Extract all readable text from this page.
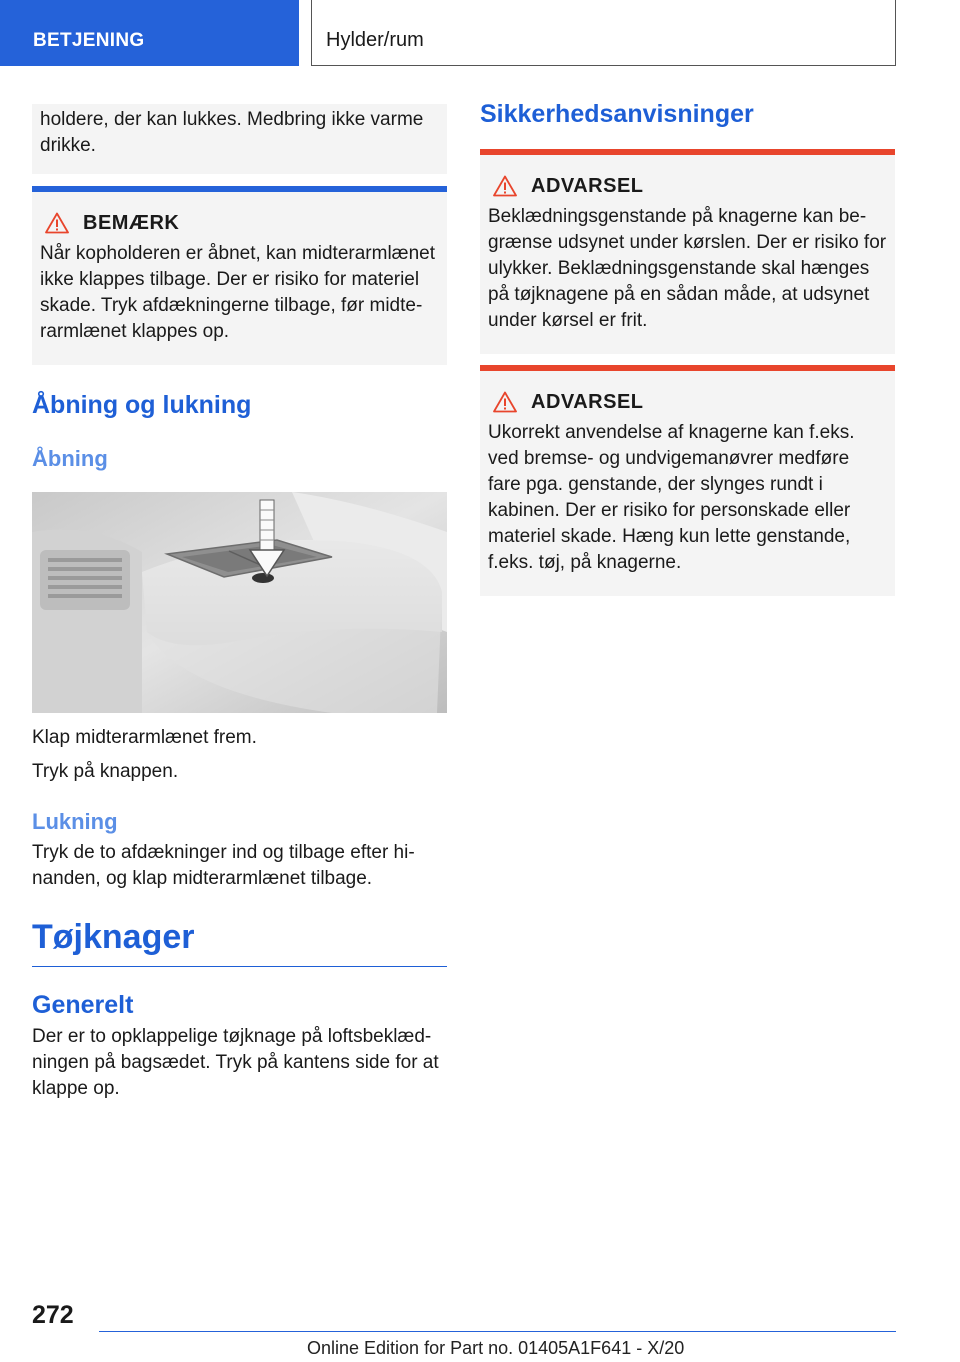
BETJENING	Hylder/rum
holdere, der kan lukkes. Medbring ikke varme drikke.
BEMÆRK
Når kopholderen er åbnet, kan midterarmlænet ikke klappes tilbage. Der er risiko for materiel skade. Tryk afdækningerne tilbage, før midterarmlænet klappes op.
Åbning og lukning
Åbning

Klap midterarmlænet frem.

Tryk på knappen.

Lukning

Tryk de to afdækninger ind og tilbage efter hinanden, og klap midterarmlænet tilbage.

Tøjknager
Generelt

Der er to opklappelige tøjknage på loftsbeklædningen på bagsædet. Tryk på kantens side for at klappe op.

Sikkerhedsanvisninger
ADVARSEL
Beklædningsgenstande på knagerne kan begrænse udsynet under kørslen. Der er risiko for ulykker. Beklædningsgenstande skal hænges på tøjknagene på en sådan måde, at udsynet under kørsel er frit.
ADVARSEL
Ukorrekt anvendelse af knagerne kan f.eks. ved bremse- og undvigemanøvrer medføre fare pga. genstande, der slynges rundt i kabinen. Der er risiko for personskade eller materiel skade. Hæng kun lette genstande, f.eks. tøj, på knagerne.
272
Online Edition for Part no. 01405A1F641 - X/20
